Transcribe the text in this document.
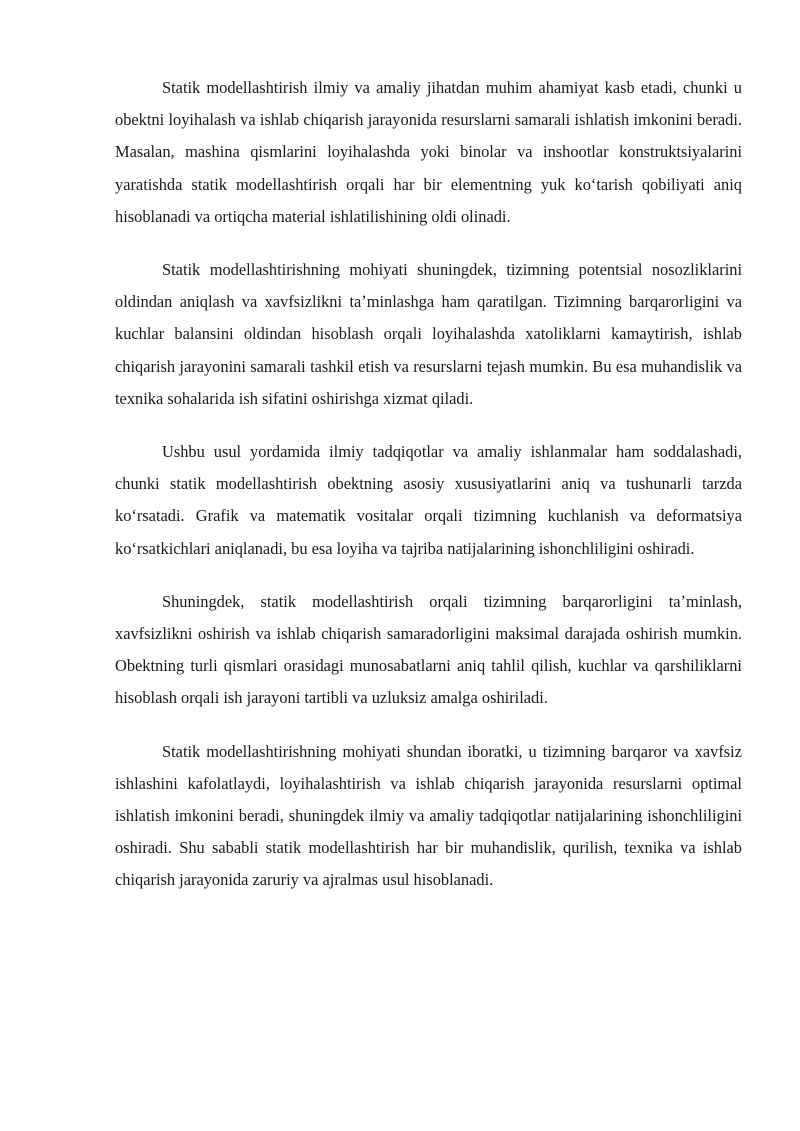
Statik modellashtirish ilmiy va amaliy jihatdan muhim ahamiyat kasb etadi, chunki u obektni loyihalash va ishlab chiqarish jarayonida resurslarni samarali ishlatish imkonini beradi. Masalan, mashina qismlarini loyihalashda yoki binolar va inshootlar konstruktsiyalarini yaratishda statik modellashtirish orqali har bir elementning yuk koʻtarish qobiliyati aniq hisoblanadi va ortiqcha material ishlatilishining oldi olinadi.

Statik modellashtirishning mohiyati shuningdek, tizimning potentsial nosozliklarini oldindan aniqlash va xavfsizlikni taʼminlashga ham qaratilgan. Tizimning barqarorligini va kuchlar balansini oldindan hisoblash orqali loyihalashda xatoliklarni kamaytirish, ishlab chiqarish jarayonini samarali tashkil etish va resurslarni tejash mumkin. Bu esa muhandislik va texnika sohalarida ish sifatini oshirishga xizmat qiladi.

Ushbu usul yordamida ilmiy tadqiqotlar va amaliy ishlanmalar ham soddalashadi, chunki statik modellashtirish obektning asosiy xususiyatlarini aniq va tushunarli tarzda koʻrsatadi. Grafik va matematik vositalar orqali tizimning kuchlanish va deformatsiya koʻrsatkichlari aniqlanadi, bu esa loyiha va tajriba natijalarining ishonchliligini oshiradi.

Shuningdek, statik modellashtirish orqali tizimning barqarorligini taʼminlash, xavfsizlikni oshirish va ishlab chiqarish samaradorligini maksimal darajada oshirish mumkin. Obektning turli qismlari orasidagi munosabatlarni aniq tahlil qilish, kuchlar va qarshiliklarni hisoblash orqali ish jarayoni tartibli va uzluksiz amalga oshiriladi.

Statik modellashtirishning mohiyati shundan iboratki, u tizimning barqaror va xavfsiz ishlashini kafolatlaydi, loyihalashtirish va ishlab chiqarish jarayonida resurslarni optimal ishlatish imkonini beradi, shuningdek ilmiy va amaliy tadqiqotlar natijalarining ishonchliligini oshiradi. Shu sababli statik modellashtirish har bir muhandislik, qurilish, texnika va ishlab chiqarish jarayonida zaruriy va ajralmas usul hisoblanadi.
